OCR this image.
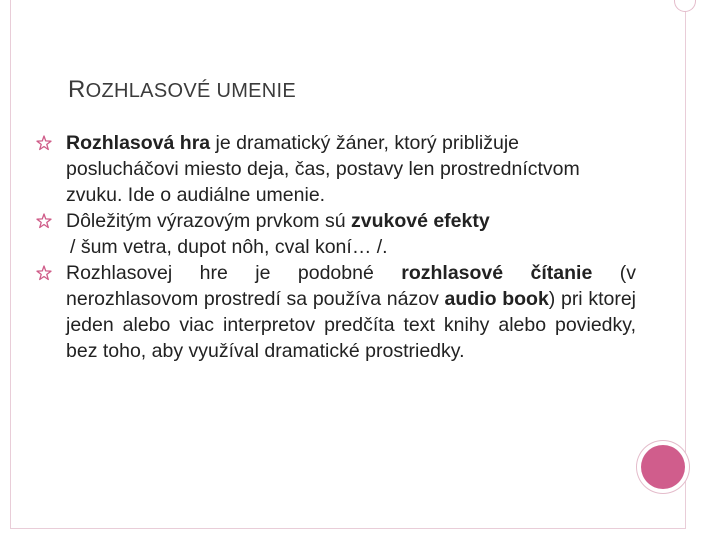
ROZHLASOVÉ UMENIE
Rozhlasová hra je dramatický žáner, ktorý približuje poslucháčovi miesto deja, čas, postavy len prostredníctvom zvuku. Ide o audiálne umenie.
Dôležitým výrazovým prvkom sú zvukové efekty
/ šum vetra, dupot nôh, cval koní… /.
Rozhlasovej hre je podobné rozhlasové čítanie (v nerozhlasovom prostredí sa používa názov audio book) pri ktorej jeden alebo viac interpretov predčíta text knihy alebo poviedky, bez toho, aby využíval dramatické prostriedky.
